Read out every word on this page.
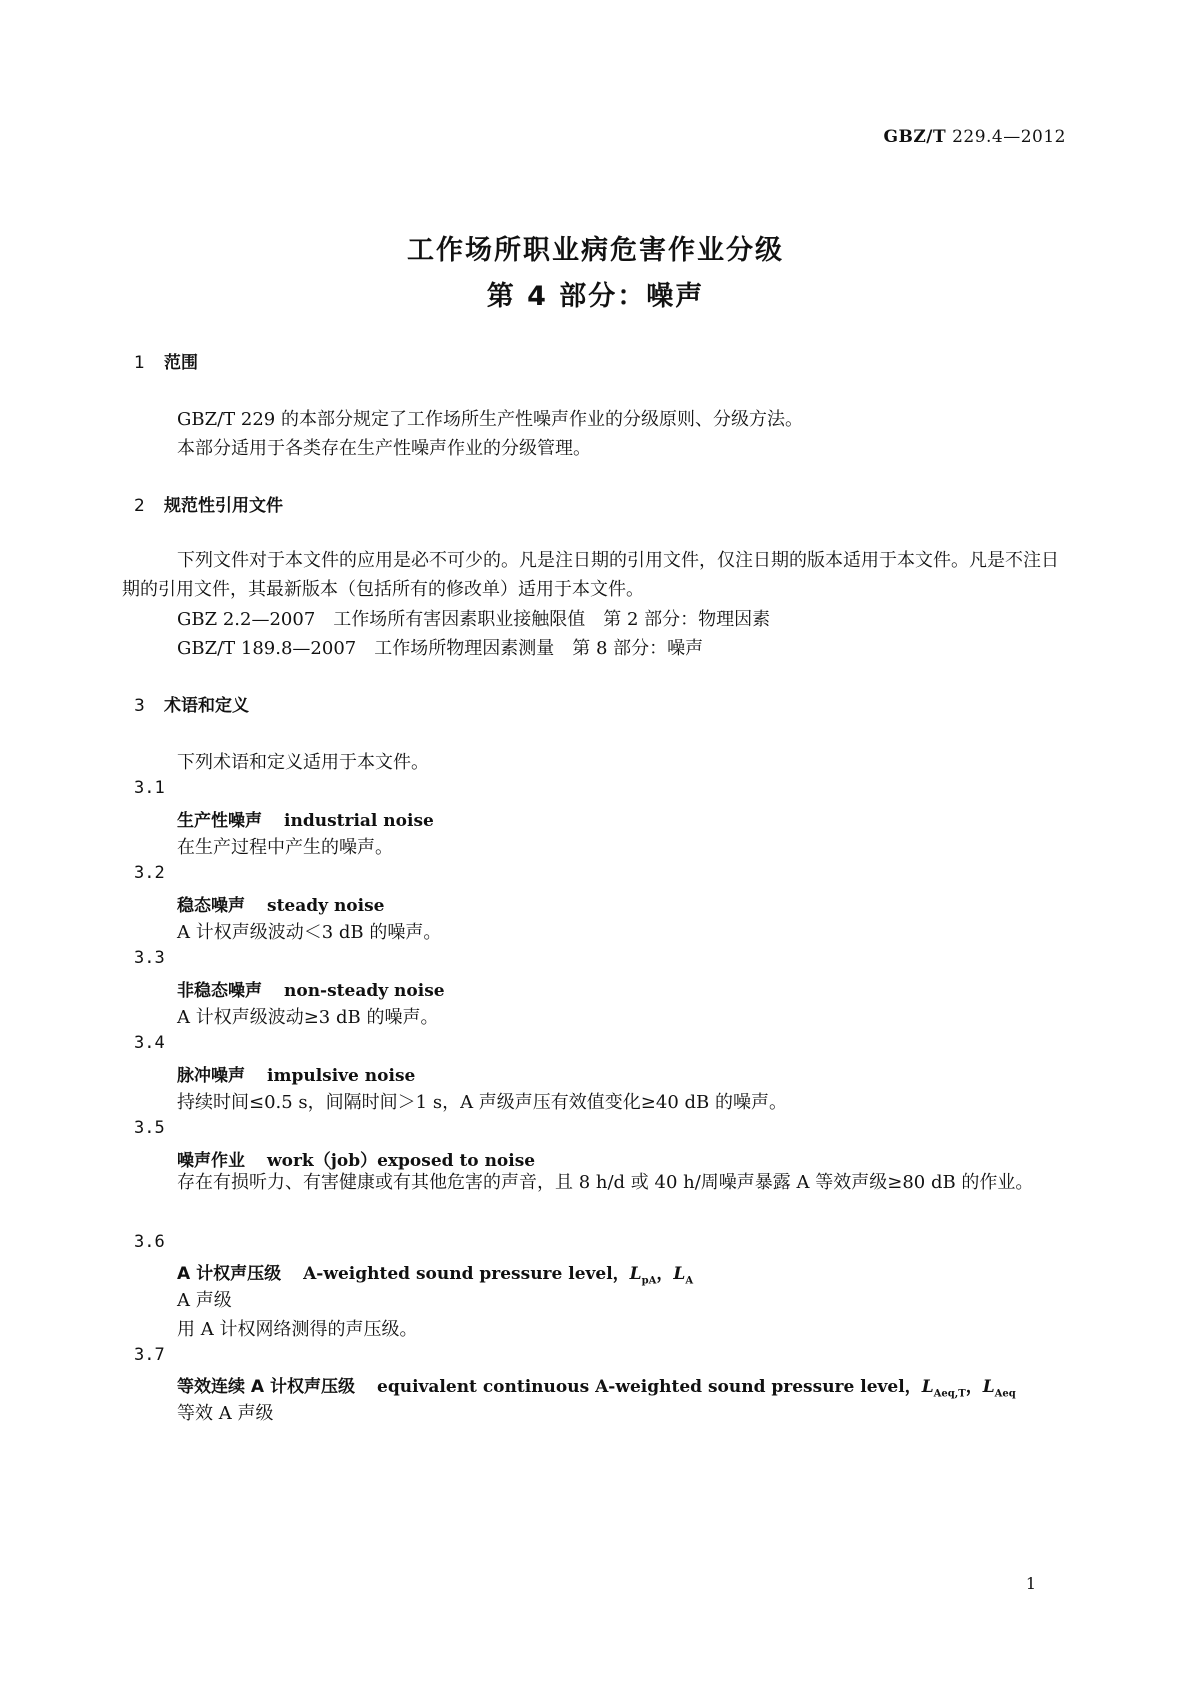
GBZ/T 229.4—2012
工作场所职业病危害作业分级
第 4 部分：噪声
1 范围
GBZ/T 229 的本部分规定了工作场所生产性噪声作业的分级原则、分级方法。
本部分适用于各类存在生产性噪声作业的分级管理。
2 规范性引用文件
下列文件对于本文件的应用是必不可少的。凡是注日期的引用文件，仅注日期的版本适用于本文件。凡是不注日期的引用文件，其最新版本（包括所有的修改单）适用于本文件。
GBZ 2.2—2007　工作场所有害因素职业接触限值　第 2 部分：物理因素
GBZ/T 189.8—2007　工作场所物理因素测量　第 8 部分：噪声
3 术语和定义
下列术语和定义适用于本文件。
3.1
生产性噪声 industrial noise
在生产过程中产生的噪声。
3.2
稳态噪声 steady noise
A 计权声级波动＜3 dB 的噪声。
3.3
非稳态噪声 non-steady noise
A 计权声级波动≥3 dB 的噪声。
3.4
脉冲噪声 impulsive noise
持续时间≤0.5 s，间隔时间＞1 s，A 声级声压有效值变化≥40 dB 的噪声。
3.5
噪声作业 work（job）exposed to noise
存在有损听力、有害健康或有其他危害的声音，且 8 h/d 或 40 h/周噪声暴露 A 等效声级≥80 dB 的作业。
3.6
A 计权声压级 A-weighted sound pressure level，$L_{pA}$，$L_A$
A 声级
用 A 计权网络测得的声压级。
3.7
等效连续 A 计权声压级 equivalent continuous A-weighted sound pressure level，$L_{Aeq,T}$，$L_{Aeq}$
等效 A 声级
1
